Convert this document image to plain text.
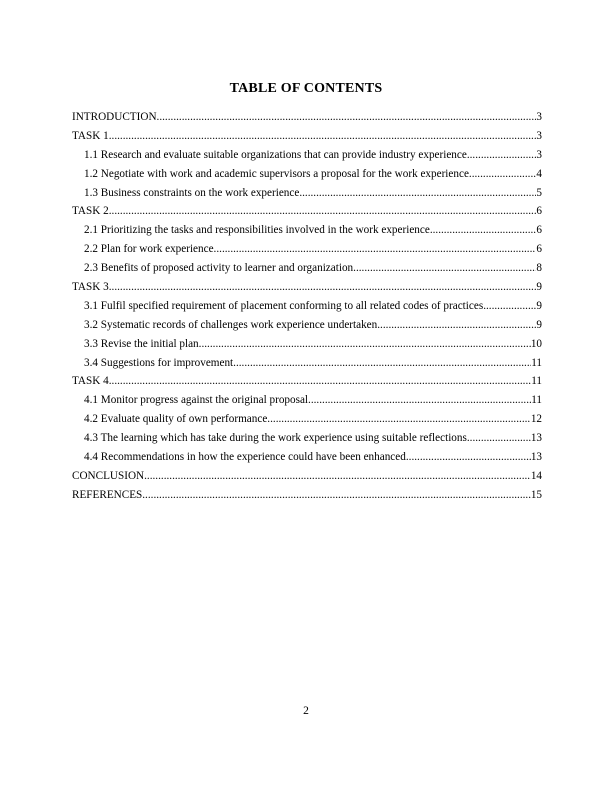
TABLE OF CONTENTS
INTRODUCTION .....	3
TASK 1 .....	3
1.1 Research and evaluate suitable organizations that can provide industry experience .....	3
1.2 Negotiate with work and academic supervisors a proposal for the work experience .....	4
1.3 Business constraints on the work experience .....	5
TASK 2 .....	6
2.1 Prioritizing the tasks and responsibilities involved in the work experience .....	6
2.2 Plan for work experience .....	6
2.3 Benefits of proposed activity to learner and organization .....	8
TASK 3 .....	9
3.1 Fulfil specified requirement of placement conforming to all related codes of practices .....	9
3.2 Systematic records of challenges work experience undertaken .....	9
3.3 Revise the initial plan .....	10
3.4 Suggestions for improvement .....	11
TASK 4 .....	11
4.1 Monitor progress against the original proposal .....	11
4.2 Evaluate quality of own performance .....	12
4.3 The learning which has take during the work experience using suitable reflections .....	13
4.4 Recommendations in how the experience could have been enhanced .....	13
CONCLUSION .....	14
REFERENCES .....	15
2
